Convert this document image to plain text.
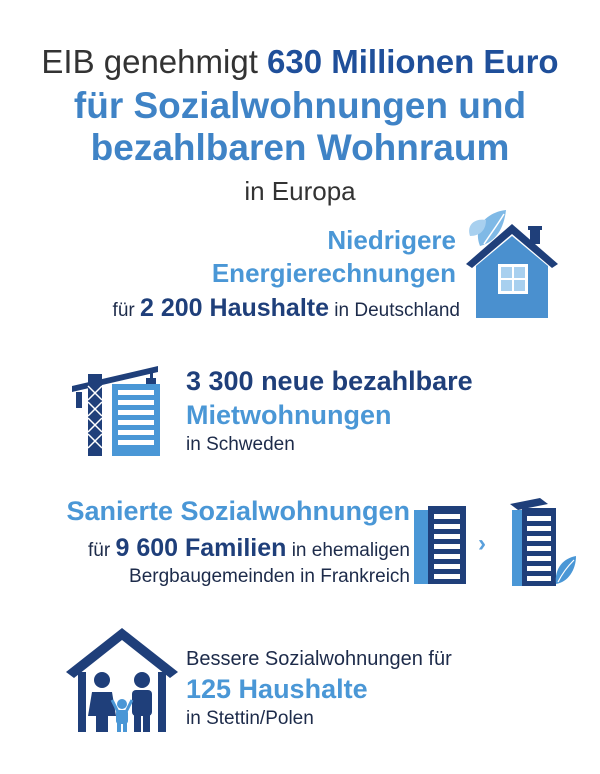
EIB genehmigt 630 Millionen Euro
für Sozialwohnungen und
bezahlbaren Wohnraum
in Europa
Niedrigere
Energierechnungen
für 2 200 Haushalte in Deutschland
3 300 neue bezahlbare
Mietwohnungen
in Schweden
Sanierte Sozialwohnungen
für 9 600 Familien in ehemaligen
Bergbaugemeinden in Frankreich
›
Bessere Sozialwohnungen für
125 Haushalte
in Stettin/Polen
